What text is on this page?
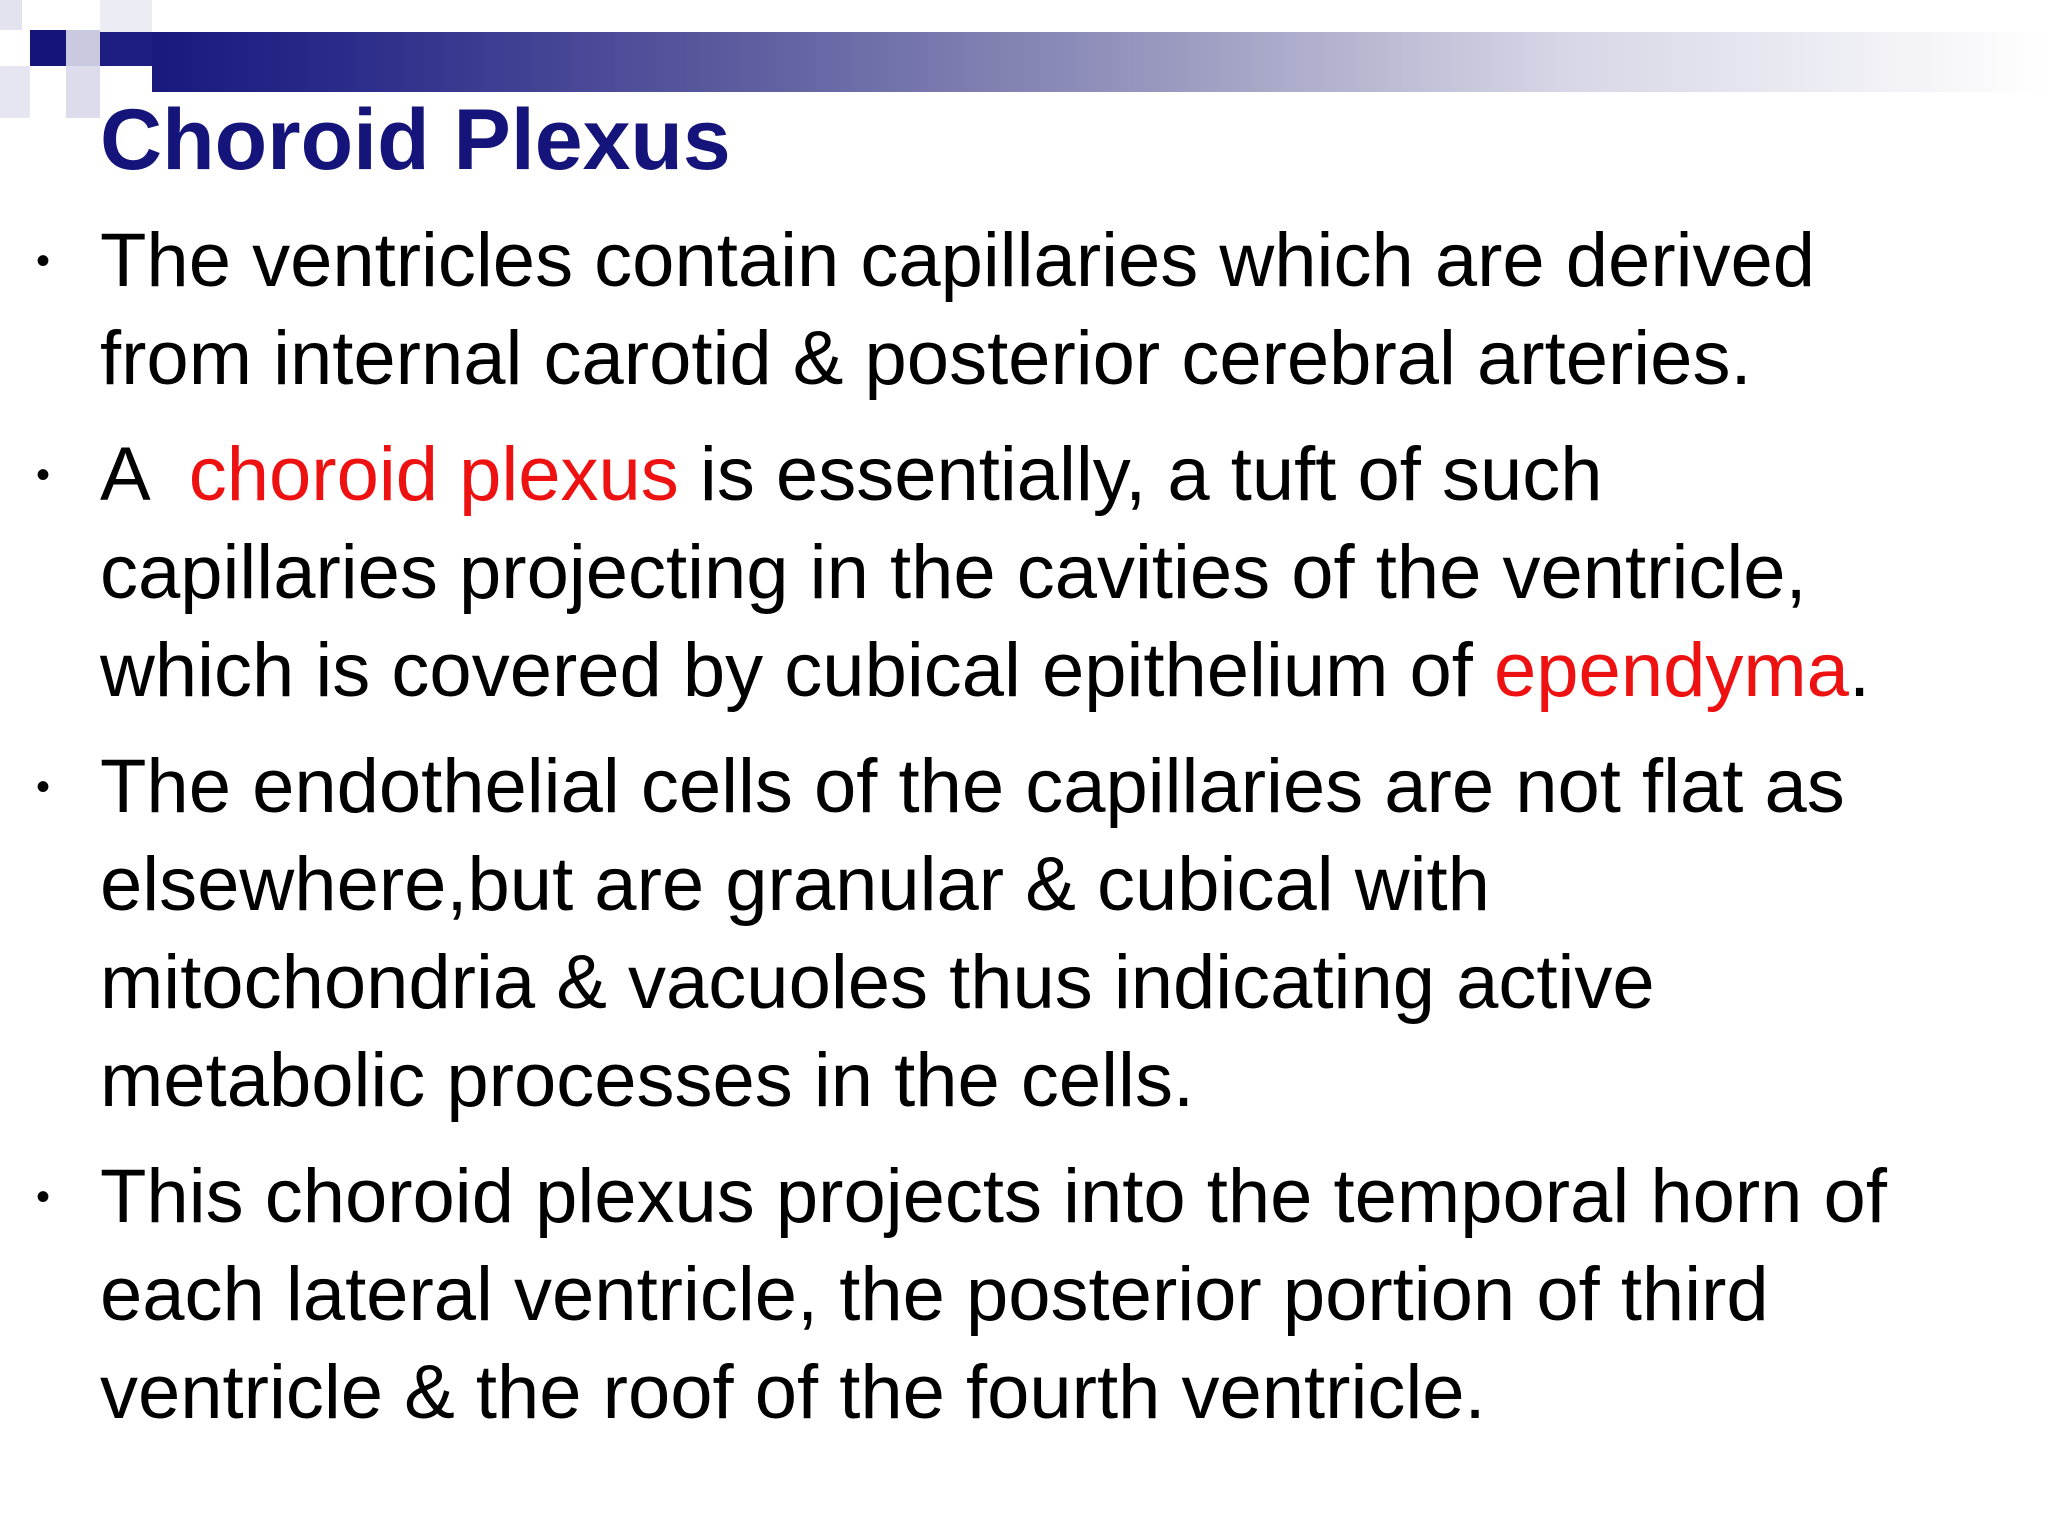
Choroid Plexus
• The ventricles contain capillaries which are derived
from internal carotid & posterior cerebral arteries.
• A  choroid plexus is essentially, a tuft of such
capillaries projecting in the cavities of the ventricle,
which is covered by cubical epithelium of ependyma.
• The endothelial cells of the capillaries are not flat as
elsewhere,but are granular & cubical with
mitochondria & vacuoles thus indicating active
metabolic processes in the cells.
• This choroid plexus projects into the temporal horn of
each lateral ventricle, the posterior portion of third
ventricle & the roof of the fourth ventricle.
